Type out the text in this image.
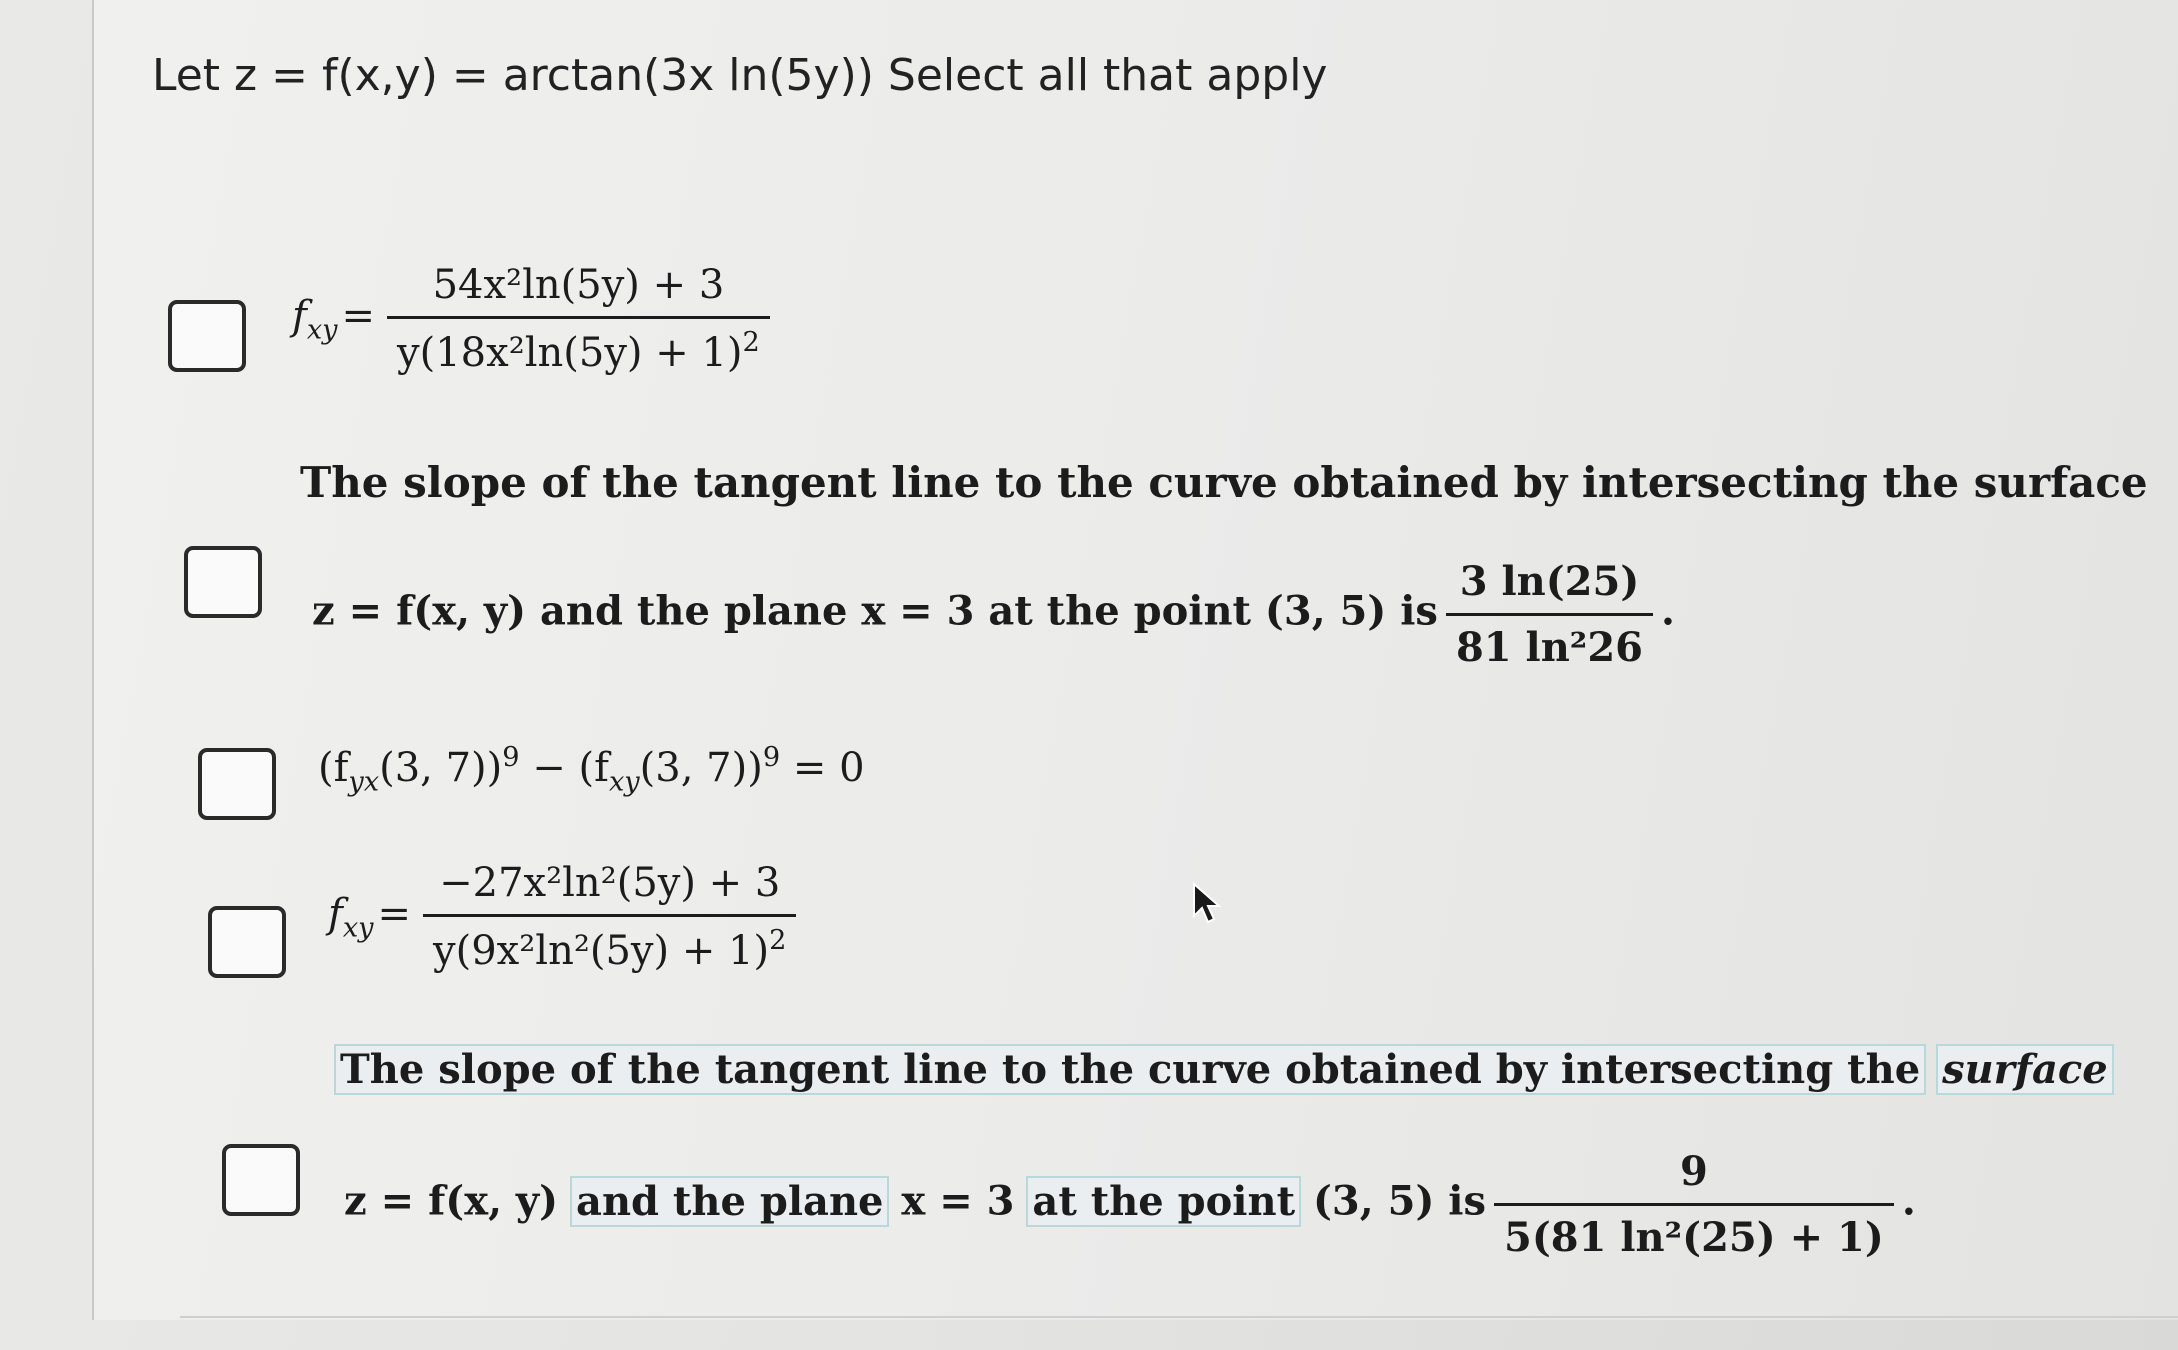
Let z = f(x,y) = arctan(3x ln(5y)) Select all that apply
$f_{xy} = \frac{\text{54x²ln(5y) + 3}}{y(18x^2\ln(5y) + 1)^2}$
The slope of the tangent line to the curve obtained by intersecting the surface
z = f(x, y) and the plane x = 3 at the point (3, 5) is $\frac{3 \ln(25)}{\text{81 ln²26}}$ .
($f_{yx}(3$, $7))^9 - (f_{xy}(3$, 7))$^9$ = 0
$f_{xy} = \frac{\text{−27x²ln²(5y) + 3}}{y(9x^2\ln^2(5y) + 1)^2}$
The slope of the tangent line to the curve obtained by intersecting the surface
z = f(x, y) and the plane x = 3 at the point (3, 5) is $\frac{9}{\text{5(81 ln²(25) + 1)}}$ .
